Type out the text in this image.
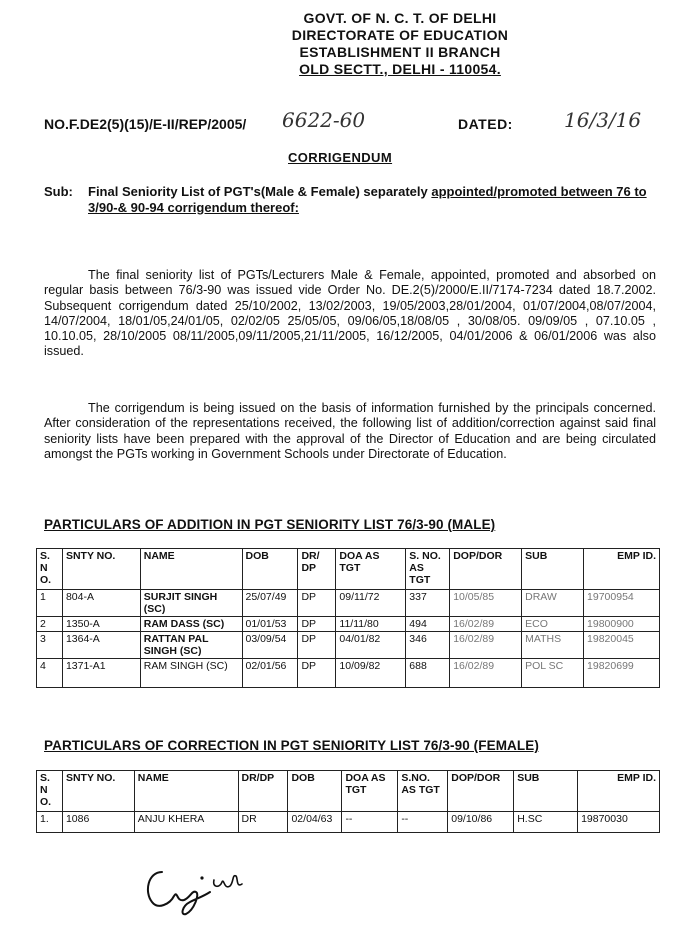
GOVT. OF N. C. T. OF DELHI
DIRECTORATE OF EDUCATION
ESTABLISHMENT II BRANCH
OLD SECTT., DELHI - 110054.
NO.F.DE2(5)(15)/E-II/REP/2005/ 6622-60	DATED:	16/3/16
CORRIGENDUM
Sub: Final Seniority List of PGT's(Male & Female) separately appointed/promoted between 76 to 3/90-& 90-94 corrigendum thereof:
The final seniority list of PGTs/Lecturers Male & Female, appointed, promoted and absorbed on regular basis between 76/3-90 was issued vide Order No. DE.2(5)/2000/E.II/7174-7234 dated 18.7.2002. Subsequent corrigendum dated 25/10/2002, 13/02/2003, 19/05/2003,28/01/2004, 01/07/2004,08/07/2004, 14/07/2004, 18/01/05,24/01/05, 02/02/05 25/05/05, 09/06/05,18/08/05 , 30/08/05. 09/09/05 , 07.10.05 , 10.10.05, 28/10/2005 08/11/2005,09/11/2005,21/11/2005, 16/12/2005, 04/01/2006 & 06/01/2006 was also issued.
The corrigendum is being issued on the basis of information furnished by the principals concerned. After consideration of the representations received, the following list of addition/correction against said final seniority lists have been prepared with the approval of the Director of Education and are being circulated amongst the PGTs working in Government Schools under Directorate of Education.
PARTICULARS OF ADDITION IN PGT SENIORITY LIST 76/3-90 (MALE)
S. N O.	SNTY NO.	NAME	DOB	DR/ DP	DOA AS TGT	S. NO. AS TGT	DOP/DOR	SUB	EMP ID.
1	804-A	SURJIT SINGH (SC)	25/07/49	DP	09/11/72	337	10/05/85	DRAW	19700954
2	1350-A	RAM DASS (SC)	01/01/53	DP	11/11/80	494	16/02/89	ECO	19800900
3	1364-A	RATTAN PAL SINGH (SC)	03/09/54	DP	04/01/82	346	16/02/89	MATHS	19820045
4	1371-A1	RAM SINGH (SC)	02/01/56	DP	10/09/82	688	16/02/89	POL SC	19820699
PARTICULARS OF CORRECTION IN PGT SENIORITY LIST 76/3-90 (FEMALE)
S. N O.	SNTY NO.	NAME	DR/DP	DOB	DOA AS TGT	S.NO. AS TGT	DOP/DOR	SUB	EMP ID.
1.	1086	ANJU KHERA	DR	02/04/63	--	--	09/10/86	H.SC	19870030
